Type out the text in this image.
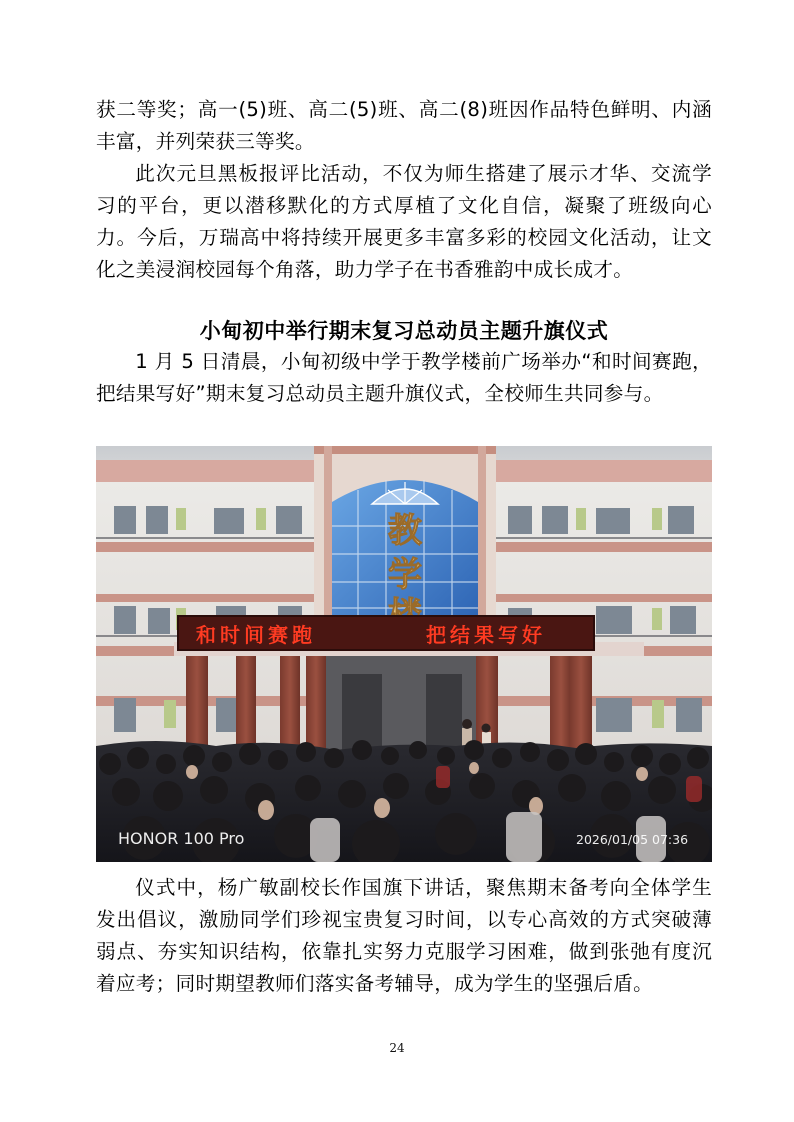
获二等奖；高一(5)班、高二(5)班、高二(8)班因作品特色鲜明、内涵丰富，并列荣获三等奖。

此次元旦黑板报评比活动，不仅为师生搭建了展示才华、交流学习的平台，更以潜移默化的方式厚植了文化自信，凝聚了班级向心力。今后，万瑞高中将持续开展更多丰富多彩的校园文化活动，让文化之美浸润校园每个角落，助力学子在书香雅韵中成长成才。

小甸初中举行期末复习总动员主题升旗仪式

1 月 5 日清晨，小甸初级中学于教学楼前广场举办“和时间赛跑，把结果写好”期末复习总动员主题升旗仪式，全校师生共同参与。

教
学
和时间赛跑	把结果写好
HONOR 100 Pro	2026/01/05 07:36

仪式中，杨广敏副校长作国旗下讲话，聚焦期末备考向全体学生发出倡议，激励同学们珍视宝贵复习时间，以专心高效的方式突破薄弱点、夯实知识结构，依靠扎实努力克服学习困难，做到张弛有度沉着应考；同时期望教师们落实备考辅导，成为学生的坚强后盾。

24
